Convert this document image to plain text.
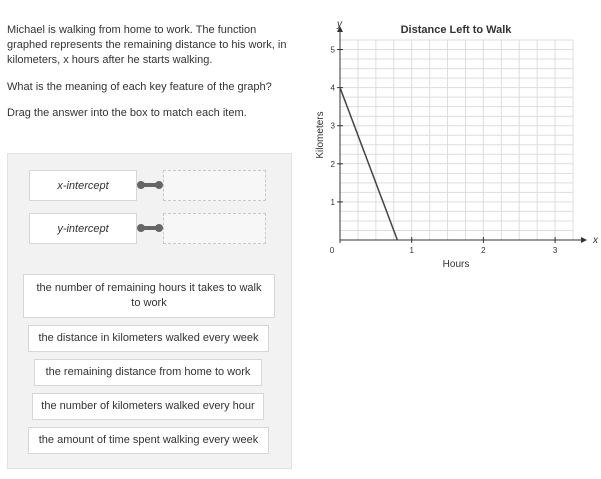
Michael is walking from home to work. The function graphed represents the remaining distance to his work, in kilometers, x hours after he starts walking.
What is the meaning of each key feature of the graph?
Drag the answer into the box to match each item.
x-intercept
y-intercept
the number of remaining hours it takes to walk to work
the distance in kilometers walked every week
the remaining distance from home to work
the number of kilometers walked every hour
the amount of time spent walking every week
0	1	2	3
1
2
3
4
5
Distance Left to Walk
Hours
Kilometers
x
y
